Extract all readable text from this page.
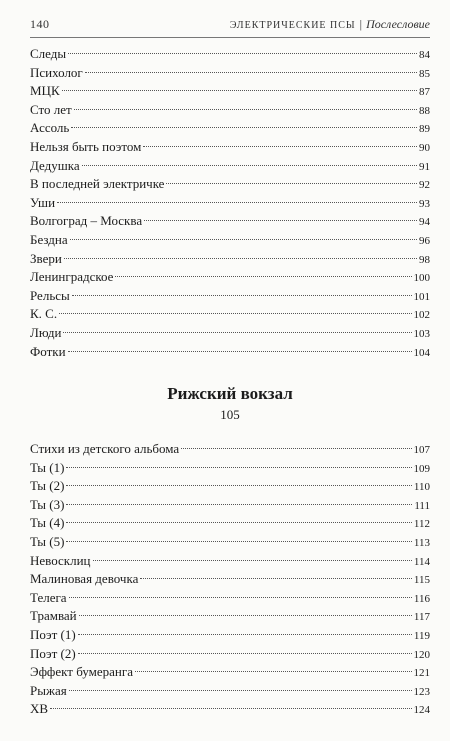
140	ЭЛЕКТРИЧЕСКИЕ ПСЫ | Послесловие
Следы	84
Психолог	85
МЦК	87
Сто лет	88
Ассоль	89
Нельзя быть поэтом	90
Дедушка	91
В последней электричке	92
Уши	93
Волгоград – Москва	94
Бездна	96
Звери	98
Ленинградское	100
Рельсы	101
К. С.	102
Люди	103
Фотки	104
Рижский вокзал
105
Стихи из детского альбома	107
Ты (1)	109
Ты (2)	110
Ты (3)	111
Ты (4)	112
Ты (5)	113
Невосклиц	114
Малиновая девочка	115
Телега	116
Трамвай	117
Поэт (1)	119
Поэт (2)	120
Эффект бумеранга	121
Рыжая	123
ХВ	124
